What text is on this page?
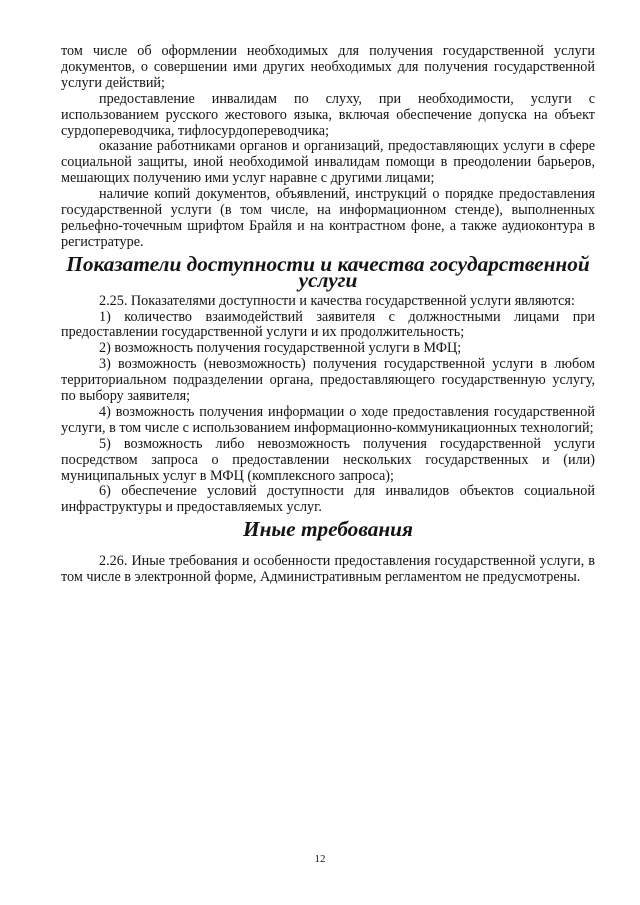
том числе об оформлении необходимых для получения государственной услуги документов, о совершении ими других необходимых для получения государственной услуги действий;

предоставление инвалидам по слуху, при необходимости, услуги с использованием русского жестового языка, включая обеспечение допуска на объект сурдопереводчика, тифлосурдопереводчика;

оказание работниками органов и организаций, предоставляющих услуги в сфере социальной защиты, иной необходимой инвалидам помощи в преодолении барьеров, мешающих получению ими услуг наравне с другими лицами;

наличие копий документов, объявлений, инструкций о порядке предоставления государственной услуги (в том числе, на информационном стенде), выполненных рельефно-точечным шрифтом Брайля и на контрастном фоне, а также аудиоконтура в регистратуре.

Показатели доступности и качества государственной услуги

2.25. Показателями доступности и качества государственной услуги являются:

1) количество взаимодействий заявителя с должностными лицами при предоставлении государственной услуги и их продолжительность;

2) возможность получения государственной услуги в МФЦ;

3) возможность (невозможность) получения государственной услуги в любом территориальном подразделении органа, предоставляющего государственную услугу, по выбору заявителя;

4) возможность получения информации о ходе предоставления государственной услуги, в том числе с использованием информационно-коммуникационных технологий;

5) возможность либо невозможность получения государственной услуги посредством запроса о предоставлении нескольких государственных и (или) муниципальных услуг в МФЦ (комплексного запроса);

6) обеспечение условий доступности для инвалидов объектов социальной инфраструктуры и предоставляемых услуг.

Иные требования

2.26. Иные требования и особенности предоставления государственной услуги, в том числе в электронной форме, Административным регламентом не предусмотрены.

12
